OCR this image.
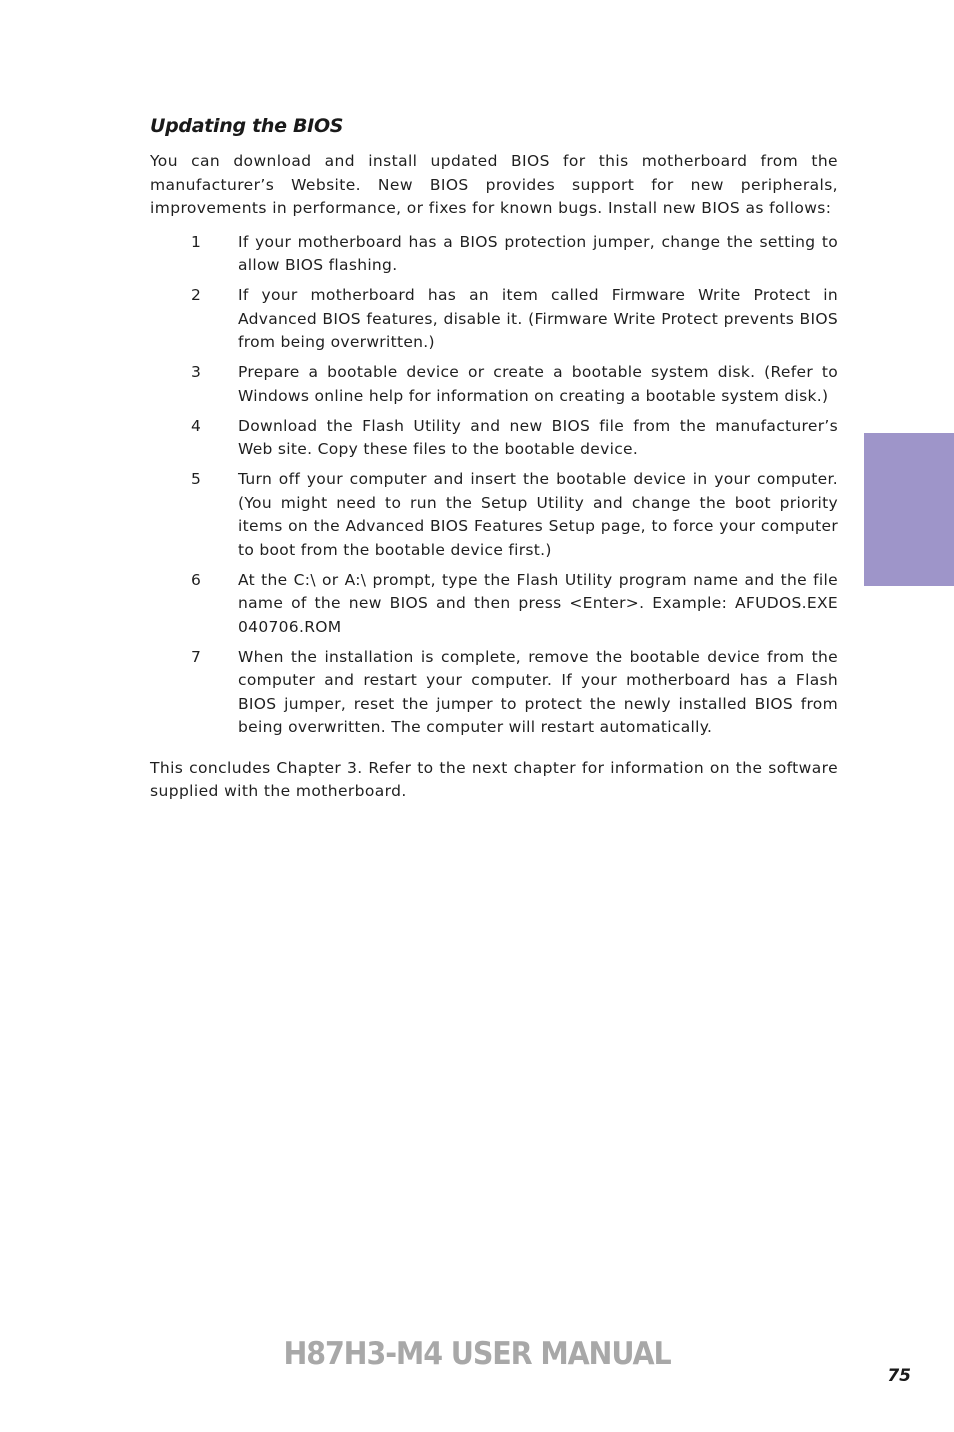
Updating the BIOS

You can download and install updated BIOS for this motherboard from the manufacturer’s Website. New BIOS provides support for new peripherals, improvements in performance, or fixes for known bugs. Install new BIOS as follows:

1	If your motherboard has a BIOS protection jumper, change the setting to allow BIOS flashing.
2	If your motherboard has an item called Firmware Write Protect in Advanced BIOS features, disable it. (Firmware Write Protect prevents BIOS from being overwritten.)
3	Prepare a bootable device or create a bootable system disk. (Refer to Windows online help for information on creating a bootable system disk.)
4	Download the Flash Utility and new BIOS file from the manufacturer’s Web site. Copy these files to the bootable device.
5	Turn off your computer and insert the bootable device in your computer. (You might need to run the Setup Utility and change the boot priority items on the Advanced BIOS Features Setup page, to force your computer to boot from the bootable device first.)
6	At the C:\ or A:\ prompt, type the Flash Utility program name and the file name of the new BIOS and then press <Enter>. Example: AFUDOS.EXE 040706.ROM
7	When the installation is complete, remove the bootable device from the computer and restart your computer. If your motherboard has a Flash BIOS jumper, reset the jumper to protect the newly installed BIOS from being overwritten. The computer will restart automatically.

This concludes Chapter 3. Refer to the next chapter for information on the software supplied with the motherboard.

H87H3-M4 USER MANUAL
75
